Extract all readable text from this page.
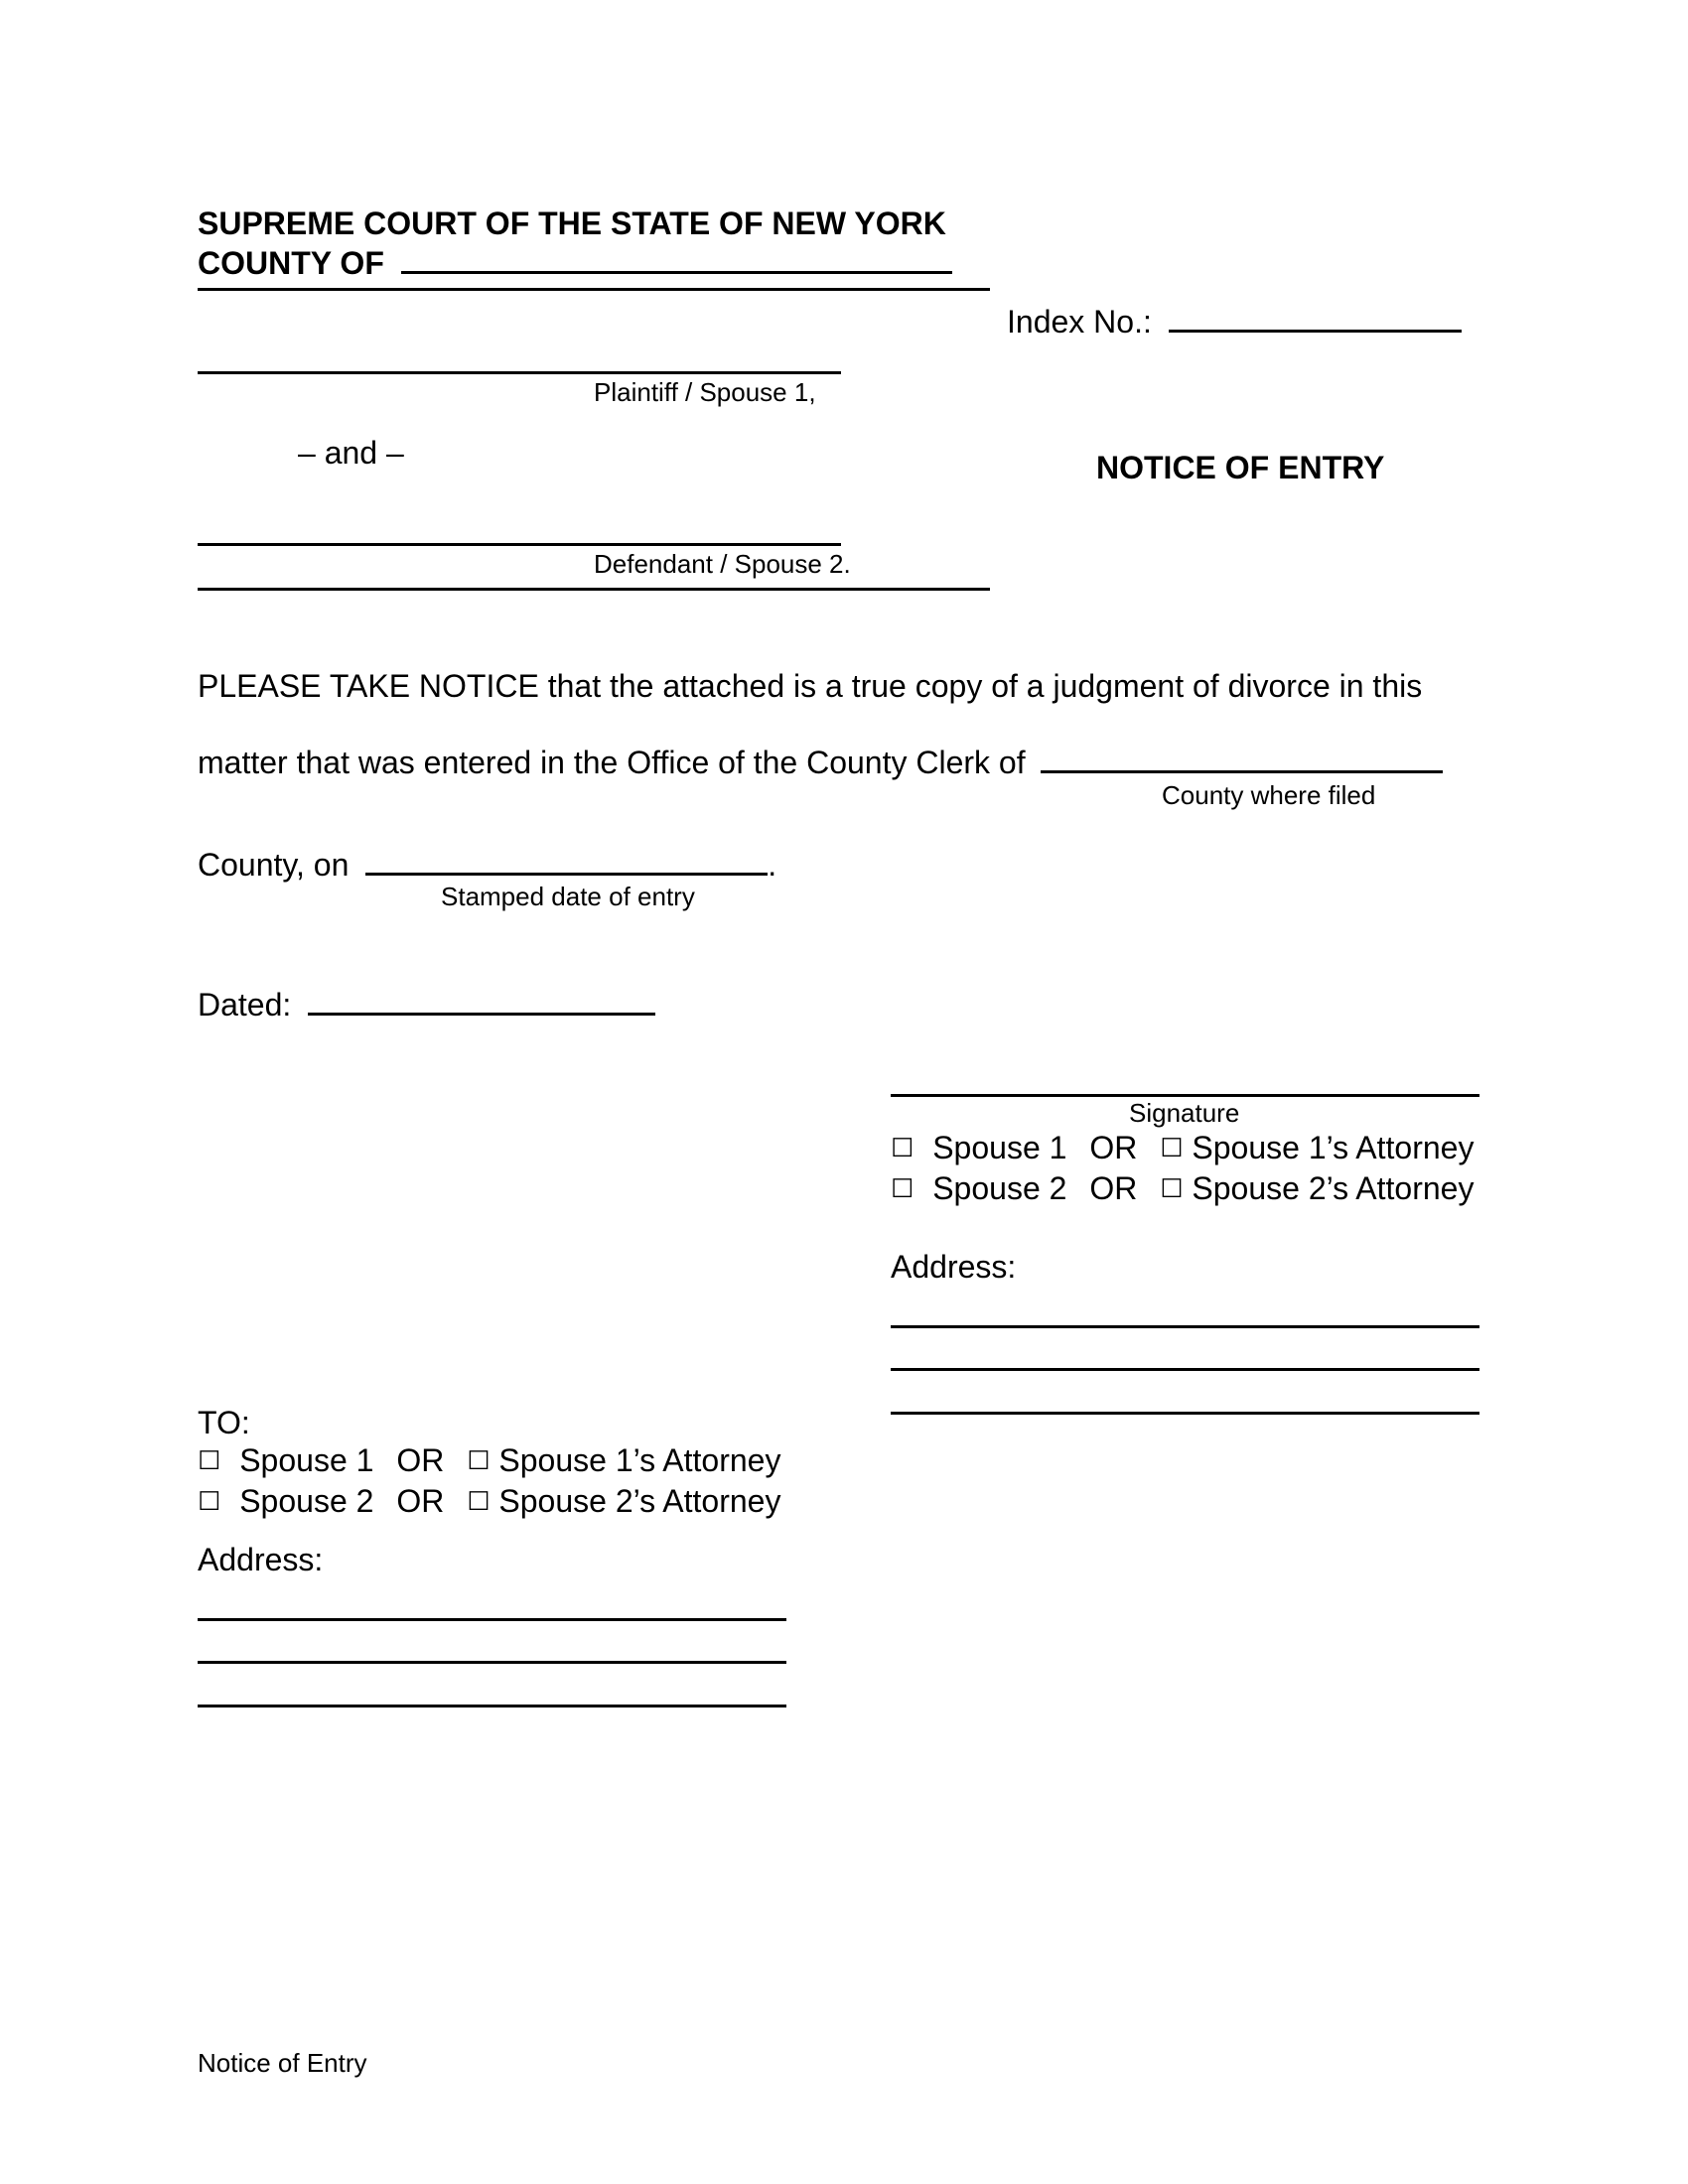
SUPREME COURT OF THE STATE OF NEW YORK
COUNTY OF
Index No.:
Plaintiff / Spouse 1,
– and –	NOTICE OF ENTRY
Defendant / Spouse 2.
PLEASE TAKE NOTICE that the attached is a true copy of a judgment of divorce in this
matter that was entered in the Office of the County Clerk of
County where filed
County, on	.
Stamped date of entry
Dated:
Signature
☐ Spouse 1 OR ☐ Spouse 1’s Attorney
☐ Spouse 2 OR ☐ Spouse 2’s Attorney
Address:
TO:
☐ Spouse 1 OR ☐ Spouse 1’s Attorney
☐ Spouse 2 OR ☐ Spouse 2’s Attorney
Address:
Notice of Entry
